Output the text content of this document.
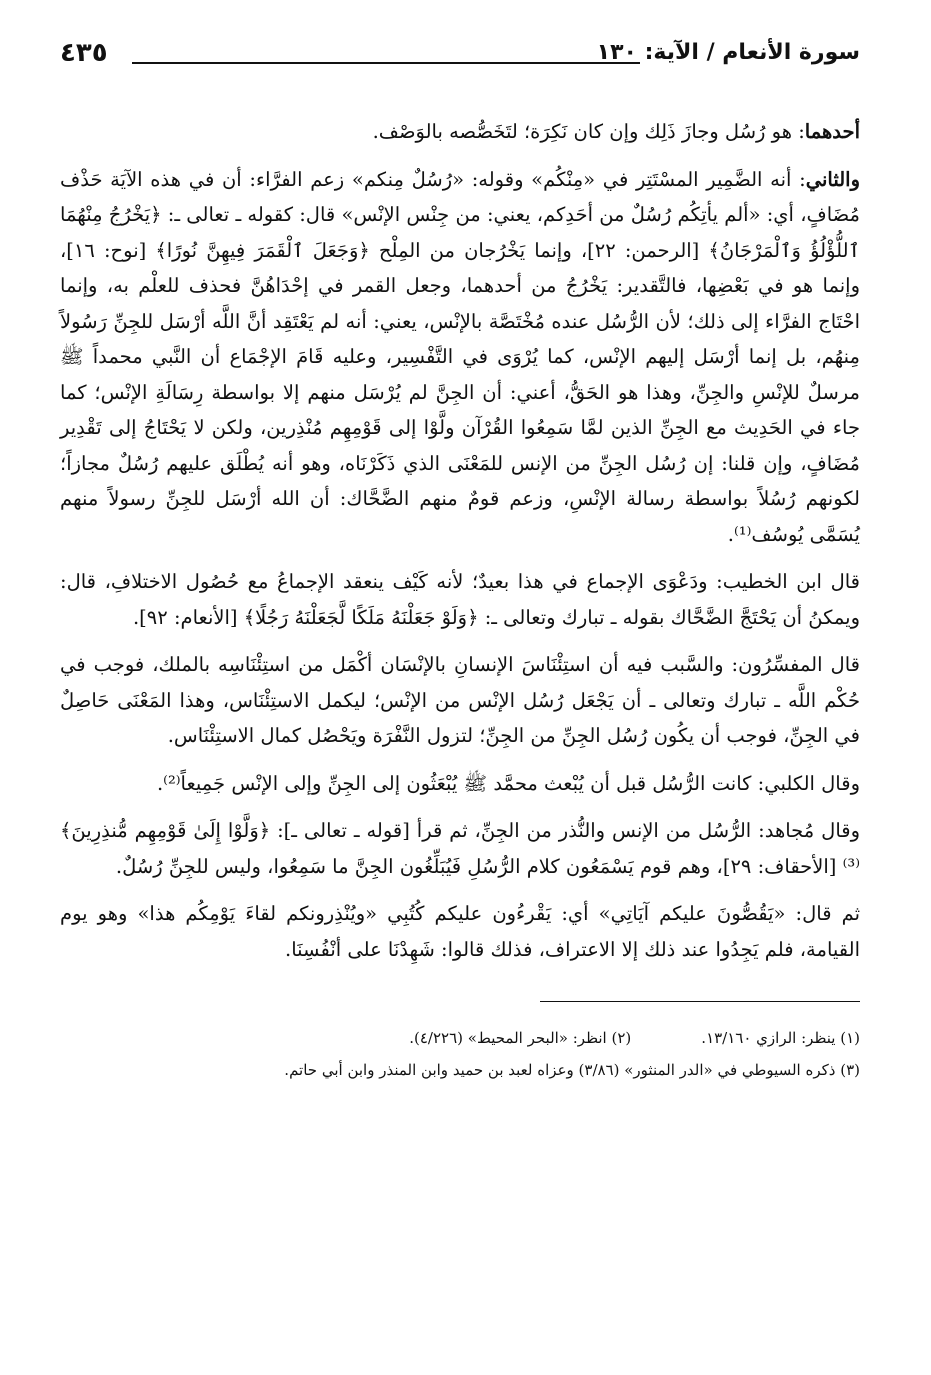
سورة الأنعام / الآية: ١٣٠
٤٣٥

أحدهما: هو رُسُل وجازَ ذَلِك وإن كان نَكِرَة؛ لتَخَصُّصه بالوَصْف.

والثاني: أنه الضَّمِير المسْتَتِر في «مِنْكُم» وقوله: «رُسُلٌ مِنكم» زعم الفرَّاء: أن في هذه الآيَة حَذْف مُضَافٍ، أي: «ألم يأتِكُم رُسُلٌ من أحَدِكم، يعني: من جِنْس الإنْس» قال: كقوله ـ تعالى ـ: ﴿يَخْرُجُ مِنْهُمَا ٱللُّؤْلُؤُ وَٱلْمَرْجَانُ﴾ [الرحمن: ٢٢]، وإنما يَخْرُجان من المِلْح ﴿وَجَعَلَ ٱلْقَمَرَ فِيهِنَّ نُورًا﴾ [نوح: ١٦]، وإنما هو في بَعْضِها، فالتَّقدير: يَخْرُجُ من أحدهما، وجعل القمر في إحْدَاهُنَّ فحذف للعلْم به، وإنما احْتَاج الفرَّاء إلى ذلك؛ لأن الرُّسُل عنده مُخْتَصَّة بالإنْس، يعني: أنه لم يَعْتَقِد أنَّ اللَّه أرْسَل للجِنِّ رَسُولاً مِنهُم، بل إنما أرْسَل إليهم الإنْس، كما يُرْوَى في التَّفْسِير، وعليه قَامَ الإجْمَاع أن النَّبي محمداً ﷺ مرسلٌ للإنْسِ والجِنِّ، وهذا هو الحَقُّ، أعني: أن الجِنَّ لم يُرْسَل منهم إلا بواسطة رِسَالَةِ الإنْس؛ كما جاء في الحَدِيث مع الجِنِّ الذين لمَّا سَمِعُوا القُرْآن ولَّوْا إلى قَوْمِهِم مُنْذِرين، ولكن لا يَحْتَاجُ إلى تَقْدِير مُضَافٍ، وإن قلنا: إن رُسُل الجِنِّ من الإنس للمَعْنَى الذي ذَكَرْنَاه، وهو أنه يُطْلَق عليهم رُسُلٌ مجازاً؛ لكونهم رُسُلاً بواسطة رسالة الإنْسِ، وزعم قومٌ منهم الضَّحَّاك: أن الله أرْسَل للجِنِّ رسولاً منهم يُسَمَّى يُوسُف⁽¹⁾.

قال ابن الخطيب: ودَعْوَى الإجماع في هذا بعيدٌ؛ لأنه كَيْف ينعقد الإجماعُ مع حُصُول الاختلافِ، قال: ويمكنُ أن يَحْتَجَّ الضَّحَّاك بقوله ـ تبارك وتعالى ـ: ﴿وَلَوْ جَعَلْنَهُ مَلَكًا لَّجَعَلْنَهُ رَجُلًا﴾ [الأنعام: ٩٢].

قال المفسِّرُون: والسَّبب فيه أن استِئْنَاسَ الإنسانِ بالإنْسَان أكْمَل من استِئْنَاسِه بالملك، فوجب في حُكْم اللَّه ـ تبارك وتعالى ـ أن يَجْعَل رُسُل الإنْس من الإنْس؛ ليكمل الاستِئْنَاس، وهذا المَعْنَى حَاصِلٌ في الجِنِّ، فوجب أن يكُون رُسُل الجِنِّ من الجِنِّ؛ لتزول النَّفْرَة ويَحْصُل كمال الاستِئْنَاس.

وقال الكلبي: كانت الرُّسُل قبل أن يُبْعث محمَّد ﷺ يُبْعَثُون إلى الجِنِّ وإلى الإنْس جَمِيعاً⁽²⁾.

وقال مُجاهد: الرُّسُل من الإنس والنُّذر من الجِنِّ، ثم قرأ [قوله ـ تعالى ـ]: ﴿وَلَّوْا إِلَىٰ قَوْمِهِم مُّنذِرِينَ﴾⁽³⁾ [الأحقاف: ٢٩]، وهم قوم يَسْمَعُون كلام الرُّسُلِ فَيُبَلِّغُون الجِنَّ ما سَمِعُوا، وليس للجِنِّ رُسُلٌ.

ثم قال: «يَقُصُّونَ عليكم آيَاتِي» أي: يَقْرءُون عليكم كُتُبِي «ويُنْذِرونكم لقاءَ يَوْمِكُم هذا» وهو يوم القيامة، فلم يَجِدُوا عند ذلك إلا الاعتراف، فذلك قالوا: شَهِدْنَا على أنْفُسِنَا.

(١) ينظر: الرازي ١٣/١٦٠.
(٢) انظر: «البحر المحيط» (٤/٢٢٦).
(٣) ذكره السيوطي في «الدر المنثور» (٣/٨٦) وعزاه لعبد بن حميد وابن المنذر وابن أبي حاتم.
